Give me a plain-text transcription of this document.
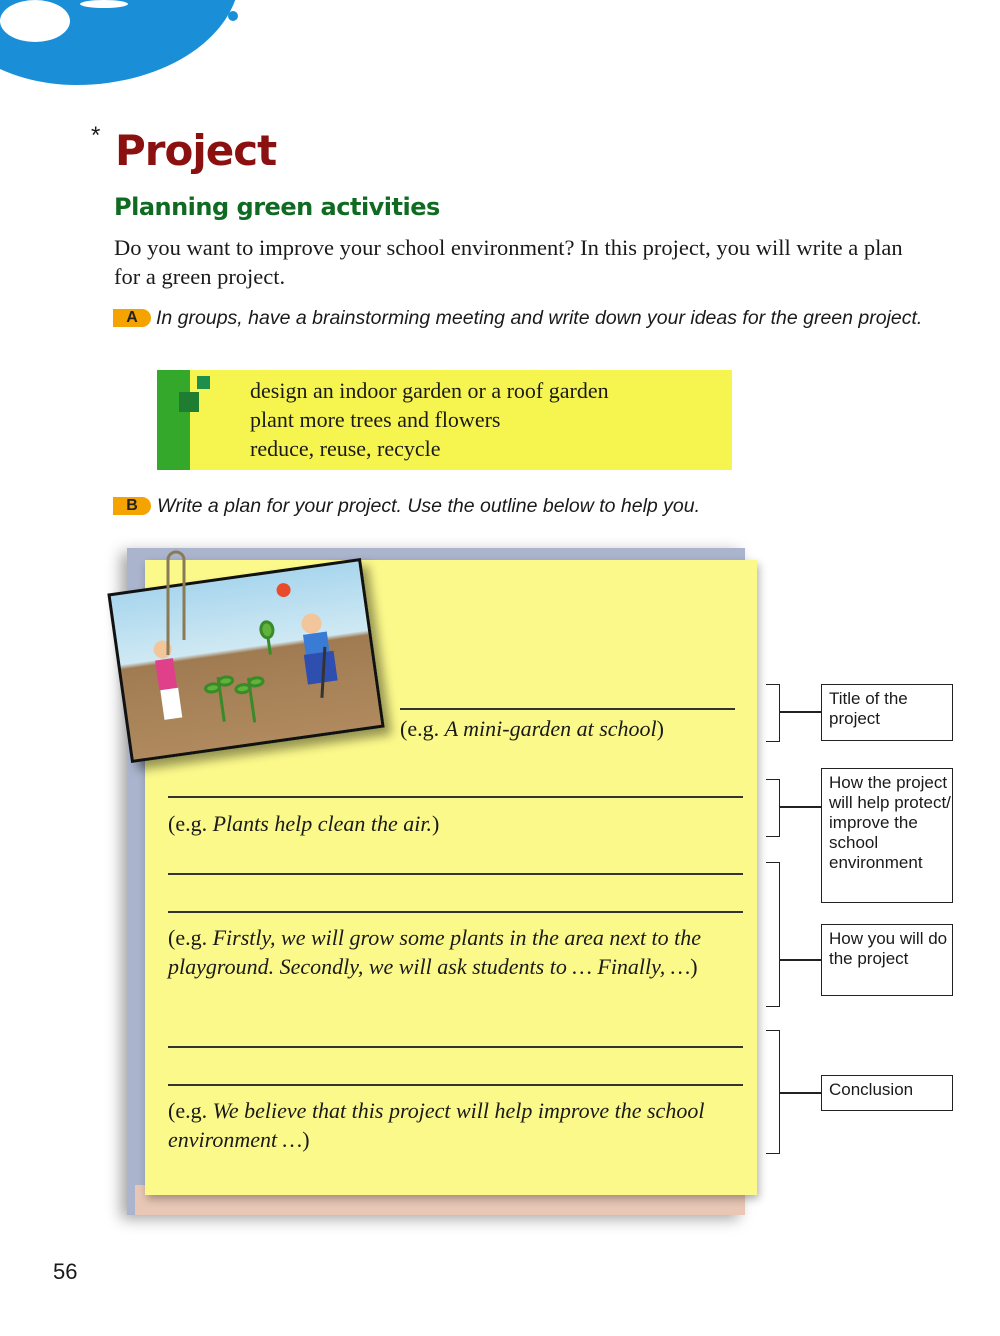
* Project
Planning green activities
Do you want to improve your school environment? In this project, you will write a plan for a green project.
A In groups, have a brainstorming meeting and write down your ideas for the green project.
design an indoor garden or a roof garden
plant more trees and flowers
reduce, reuse, recycle
B Write a plan for your project. Use the outline below to help you.
(e.g. A mini-garden at school)
(e.g. Plants help clean the air.)
(e.g. Firstly, we will grow some plants in the area next to the playground. Secondly, we will ask students to … Finally, …)
(e.g. We believe that this project will help improve the school environment …)
Title of the project
How the project will help protect/ improve the school environment
How you will do the project
Conclusion
56
